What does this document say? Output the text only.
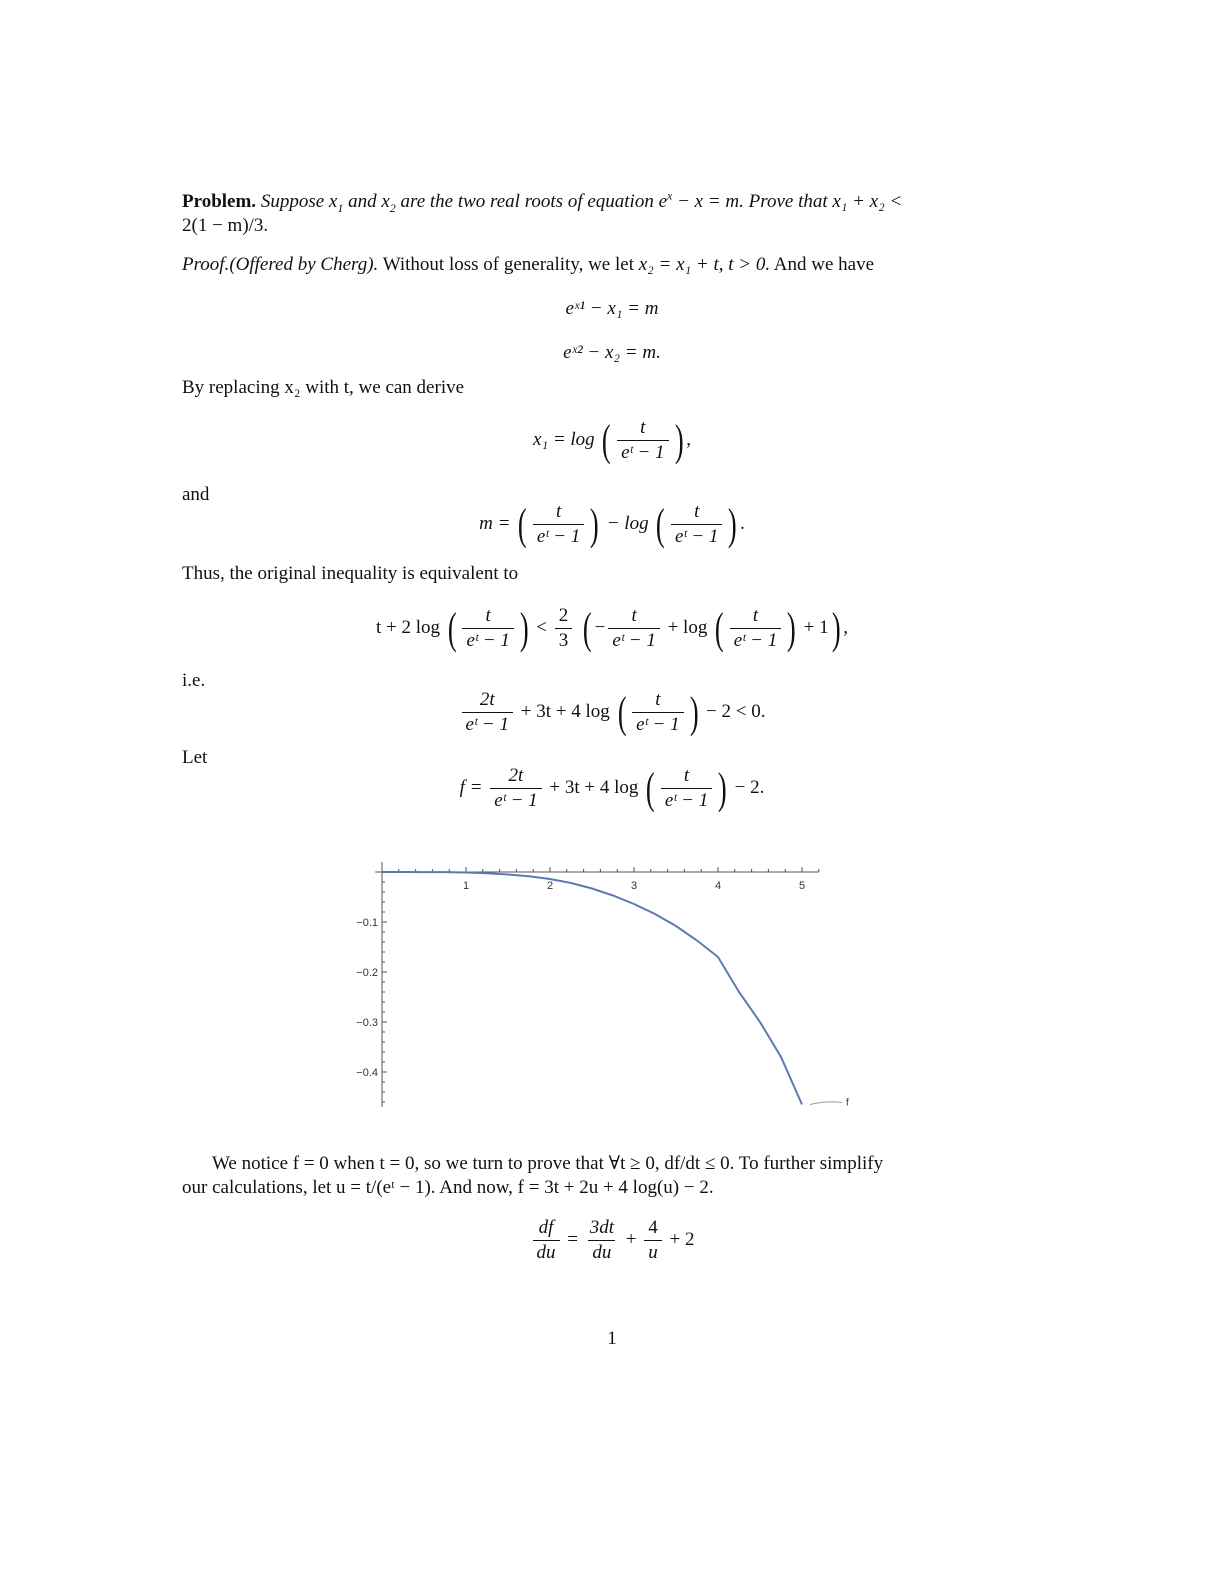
Problem. Suppose $x_1$ and $x_2$ are the two real roots of equation $e^x - x = m$. Prove that x₁ + x₂ <
2(1 − m)/3.
Proof.(Offered by Cherg). Without loss of generality, we let x₂ = x₁ + t, t > 0. And we have
eˣ¹ − x₁ = m
eˣ² − x₂ = m.
By replacing x₂ with t, we can derive
x₁ = log ( $\frac{t}{\text{eᵗ − 1}}$ ) ,
and
m = ( $\frac{t}{\text{eᵗ − 1}}$ ) − log ( $\frac{t}{\text{eᵗ − 1}}$ ) .
Thus, the original inequality is equivalent to
t + 2 log ( $\frac{t}{\text{eᵗ − 1}}$ ) < $\frac{2}{3}$ ( − $\frac{t}{\text{eᵗ − 1}} + \log$ ( $\frac{t}{\text{eᵗ − 1}}$ ) + 1) ,
i.e.
$\frac{2t}{\text{eᵗ − 1}} + 3t + 4$ log ( $\frac{t}{\text{eᵗ − 1}}$ ) − 2 < 0.
Let
$f = \frac{2t}{\text{eᵗ − 1}} + 3t + 4$ log ( $\frac{t}{\text{eᵗ − 1}}$ ) − 2.
1	2	3	4	5
−0.1
−0.2
−0.3
−0.4
f
We notice f = 0 when t = 0, so we turn to prove that ∀t ≥ 0, df/dt ≤ 0. To further simplify
our calculations, let u = t/(eᵗ − 1). And now, f = 3t + 2u + 4 log(u) − 2.
$\frac{df}{du} = \frac{3dt}{du} + \frac{4}{u} + 2$
1
